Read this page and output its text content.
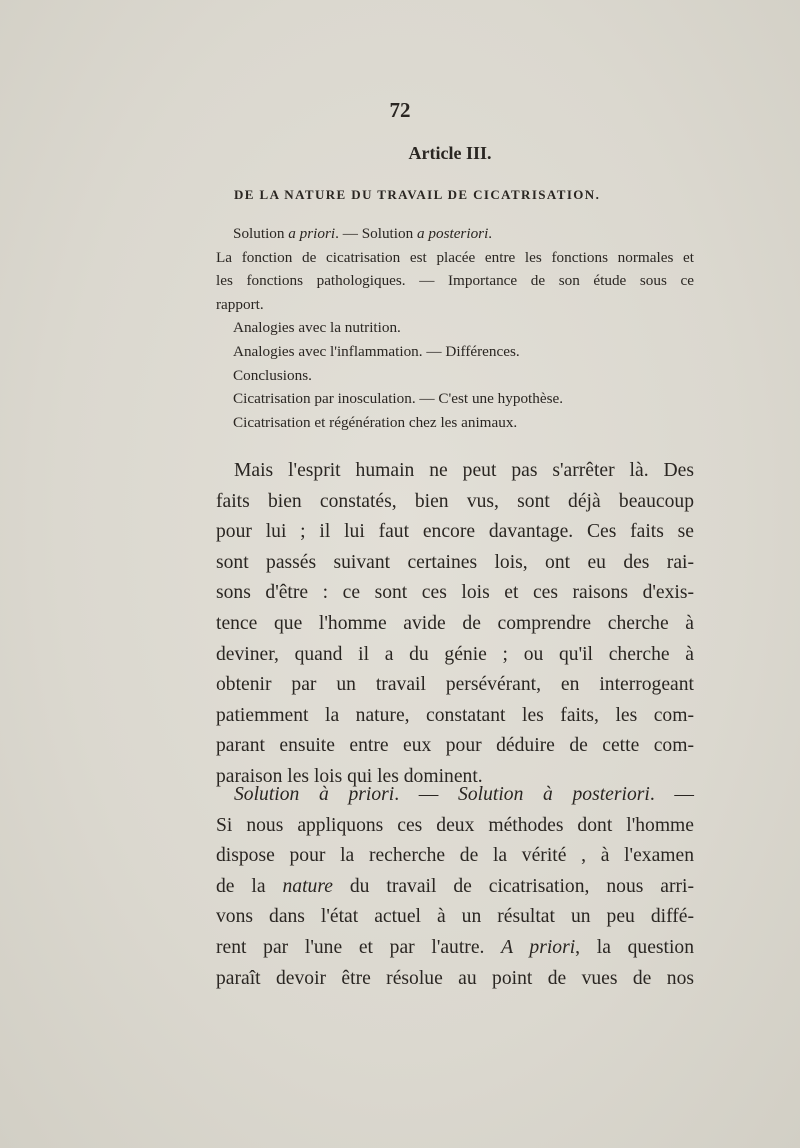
72
Article III.
DE LA NATURE DU TRAVAIL DE CICATRISATION.
Solution a priori. — Solution a posteriori.
La fonction de cicatrisation est placée entre les fonctions normales et
les fonctions pathologiques. — Importance de son étude sous ce
rapport.
Analogies avec la nutrition.
Analogies avec l'inflammation. — Différences.
Conclusions.
Cicatrisation par inosculation. — C'est une hypothèse.
Cicatrisation et régénération chez les animaux.
Mais l'esprit humain ne peut pas s'arrêter là. Des
faits bien constatés, bien vus, sont déjà beaucoup
pour lui ; il lui faut encore davantage. Ces faits se
sont passés suivant certaines lois, ont eu des rai-
sons d'être : ce sont ces lois et ces raisons d'exis-
tence que l'homme avide de comprendre cherche à
deviner, quand il a du génie ; ou qu'il cherche à
obtenir par un travail persévérant, en interrogeant
patiemment la nature, constatant les faits, les com-
parant ensuite entre eux pour déduire de cette com-
paraison les lois qui les dominent.
Solution à priori. — Solution à posteriori. —
Si nous appliquons ces deux méthodes dont l'homme
dispose pour la recherche de la vérité , à l'examen
de la nature du travail de cicatrisation, nous arri-
vons dans l'état actuel à un résultat un peu diffé-
rent par l'une et par l'autre. A priori, la question
paraît devoir être résolue au point de vues de nos
